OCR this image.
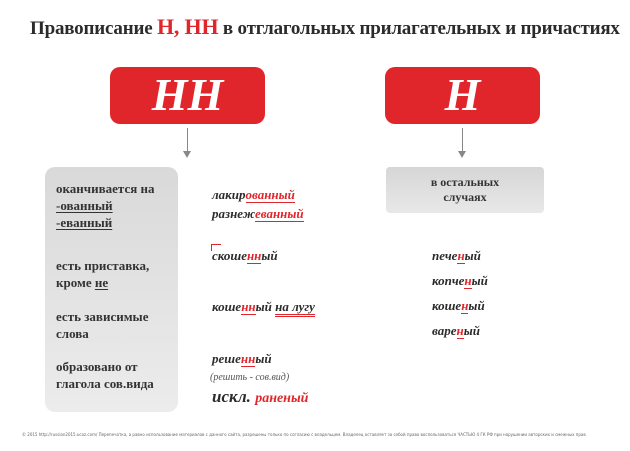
Правописание Н, НН в отглагольных прилагательных и причастиях
НН	Н
оканчивается на
-ованный
-еванный
есть приставка,
кроме не
есть зависимые
слова
образовано от
глагола сов.вида
в остальных
случаях
лакированный
разнежеванный
скошенный
кошенный на лугу
решенный
(решить - сов.вид)
искл. раненый
печеный
копченый
кошеный
вареный
© 2015 http://russian2015.ucoz.com/ Перепечатка, а равно использование материалов с данного сайта, разрешены только по согласию с владельцем. Владелец оставляет за собой право воспользоваться ЧАСТЬЮ 4 ГК РФ при нарушении авторских и смежных прав
